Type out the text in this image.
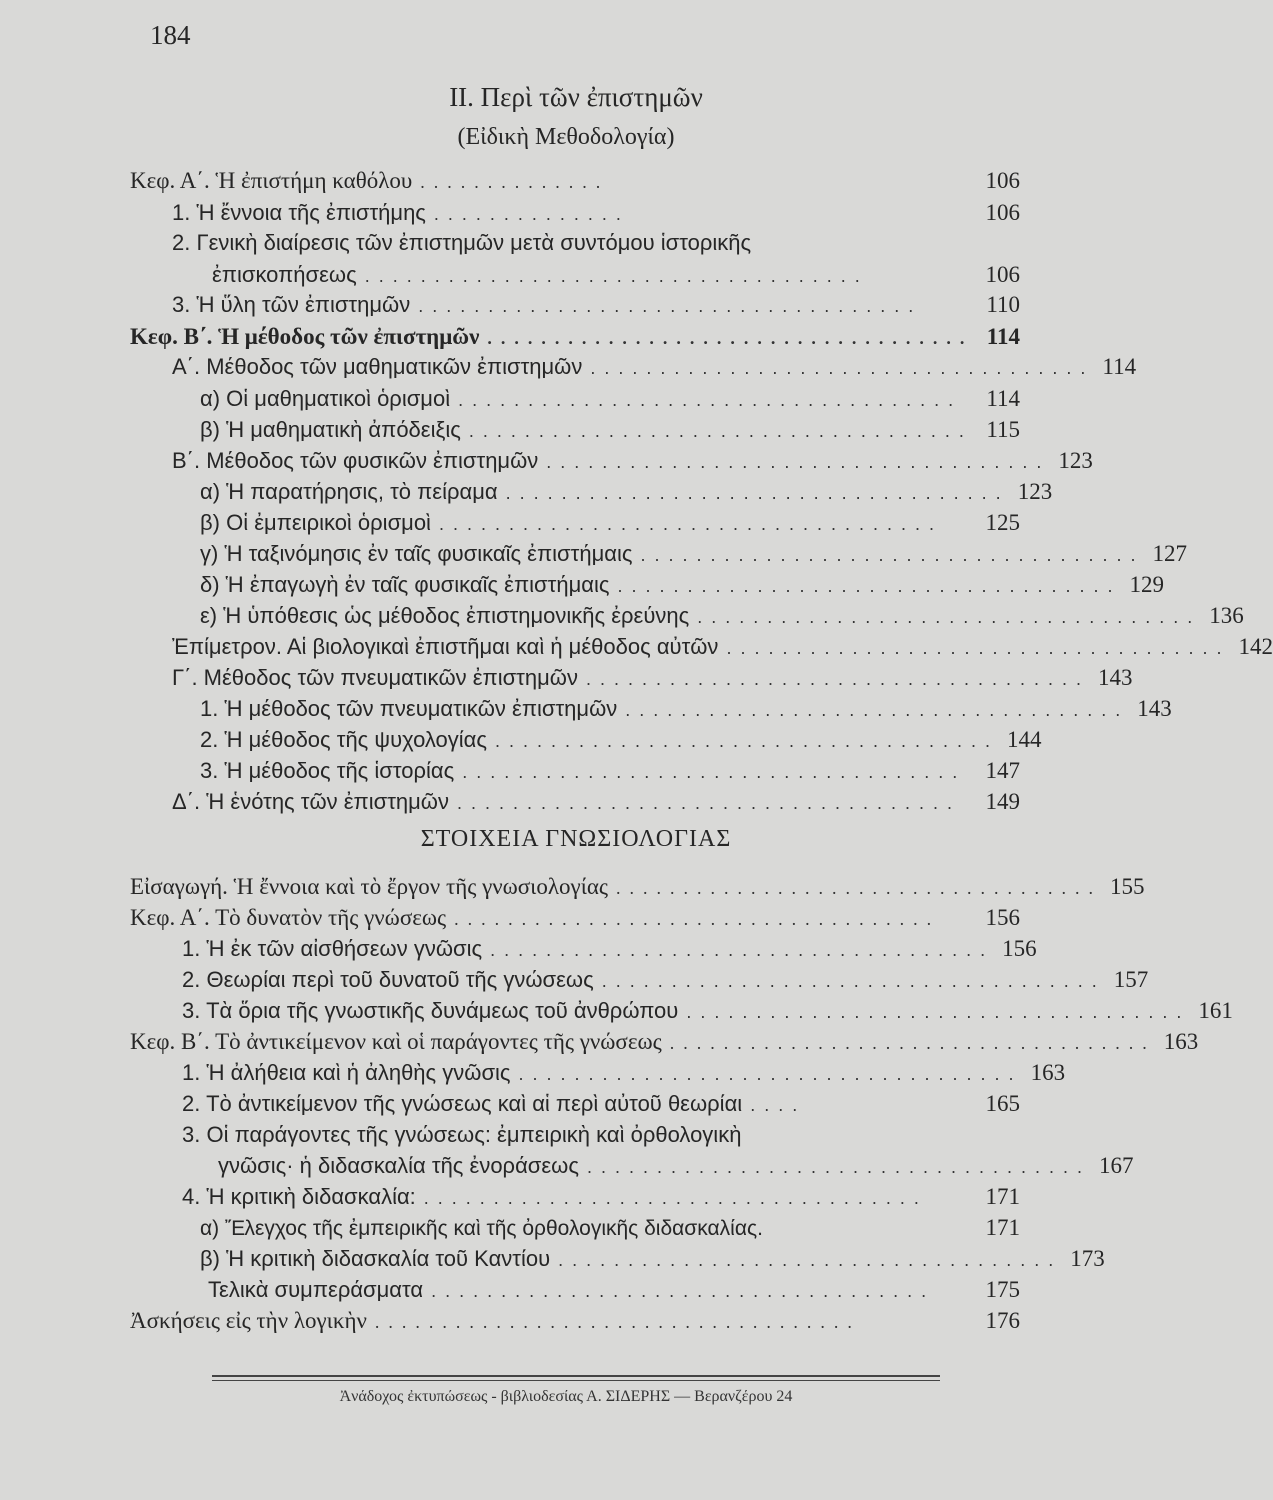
184
II. Περὶ τῶν ἐπιστημῶν
(Εἰδικὴ Μεθοδολογία)
Κεφ. Α΄. Ἡ ἐπιστήμη καθόλου ..............	106
1. Ἡ ἔννοια τῆς ἐπιστήμης ..............	106
2. Γενικὴ διαίρεσις τῶν ἐπιστημῶν μετὰ συντόμου ἱστορικῆς
ἐπισκοπήσεως ....................................	106
3. Ἡ ὕλη τῶν ἐπιστημῶν ....................................	110
Κεφ. Β΄. Ἡ μέθοδος τῶν ἐπιστημῶν .................................... 114
Α΄. Μέθοδος τῶν μαθηματικῶν ἐπιστημῶν .................................... 114
α) Οἱ μαθηματικοὶ ὁρισμοὶ ....................................	114
β) Ἡ μαθηματικὴ ἀπόδειξις .................................... 115
Β΄. Μέθοδος τῶν φυσικῶν ἐπιστημῶν .................................... 123
α) Ἡ παρατήρησις, τὸ πείραμα .................................... 123
β) Οἱ ἐμπειρικοὶ ὁρισμοὶ ....................................	125
γ) Ἡ ταξινόμησις ἐν ταῖς φυσικαῖς ἐπιστήμαις .................................... 127
δ) Ἡ ἐπαγωγὴ ἐν ταῖς φυσικαῖς ἐπιστήμαις .................................... 129
ε) Ἡ ὑπόθεσις ὡς μέθοδος ἐπιστημονικῆς ἐρεύνης .................................... 136
Ἐπίμετρον. Αἱ βιολογικαὶ ἐπιστῆμαι καὶ ἡ μέθοδος αὐτῶν .................................... 142
Γ΄. Μέθοδος τῶν πνευματικῶν ἐπιστημῶν .................................... 143
1. Ἡ μέθοδος τῶν πνευματικῶν ἐπιστημῶν .................................... 143
2. Ἡ μέθοδος τῆς ψυχολογίας .................................... 144
3. Ἡ μέθοδος τῆς ἱστορίας .................................... 147
Δ΄. Ἡ ἑνότης τῶν ἐπιστημῶν ....................................	149
ΣΤΟΙΧΕΙΑ ΓΝΩΣΙΟΛΟΓΙΑΣ
Εἰσαγωγή. Ἡ ἔννοια καὶ τὸ ἔργον τῆς γνωσιολογίας .................................... 155
Κεφ. Α΄. Τὸ δυνατὸν τῆς γνώσεως ....................................	156
1. Ἡ ἐκ τῶν αἰσθήσεων γνῶσις .................................... 156
2. Θεωρίαι περὶ τοῦ δυνατοῦ τῆς γνώσεως .................................... 157
3. Τὰ ὅρια τῆς γνωστικῆς δυνάμεως τοῦ ἀνθρώπου .................................... 161
Κεφ. Β΄. Τὸ ἀντικείμενον καὶ οἱ παράγοντες τῆς γνώσεως .................................... 163
1. Ἡ ἀλήθεια καὶ ἡ ἀληθὴς γνῶσις .................................... 163
2. Τὸ ἀντικείμενον τῆς γνώσεως καὶ αἱ περὶ αὐτοῦ θεωρίαι ....	165
3. Οἱ παράγοντες τῆς γνώσεως: ἐμπειρικὴ καὶ ὀρθολογικὴ
γνῶσις· ἡ διδασκαλία τῆς ἐνοράσεως .................................... 167
4. Ἡ κριτικὴ διδασκαλία: ....................................	171
α) Ἔλεγχος τῆς ἐμπειρικῆς καὶ τῆς ὀρθολογικῆς διδασκαλίας.	171
β) Ἡ κριτικὴ διδασκαλία τοῦ Καντίου .................................... 173
Τελικὰ συμπεράσματα ....................................	175
Ἀσκήσεις εἰς τὴν λογικὴν ....................................	176
Ἀνάδοχος ἐκτυπώσεως - βιβλιοδεσίας Α. ΣΙΔΕΡΗΣ — Βερανζέρου 24
